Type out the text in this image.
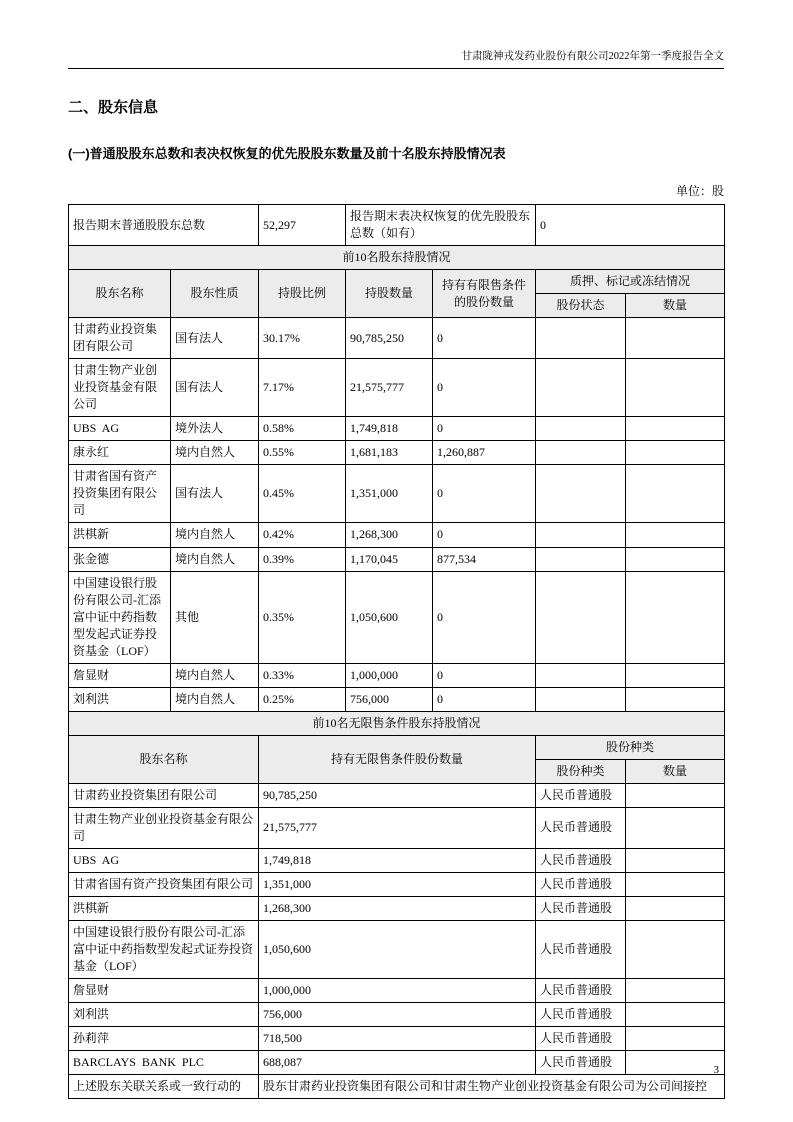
甘肃陇神戎发药业股份有限公司2022年第一季度报告全文
二、股东信息
(一)普通股股东总数和表决权恢复的优先股股东数量及前十名股东持股情况表
单位：股
报告期末普通股股东总数		52,297	报告期末表决权恢复的优先股股东总数（如有）		0	
前10名股东持股情况						
股东名称	股东性质	持股比例	持股数量	持有有限售条件的股份数量	质押、标记或冻结情况	
					股份状态	数量
甘肃药业投资集团有限公司	国有法人	30.17%	90,785,250	0		
甘肃生物产业创业投资基金有限公司	国有法人	7.17%	21,575,777	0		
UBS  AG	境外法人	0.58%	1,749,818	0		
康永红	境内自然人	0.55%	1,681,183	1,260,887		
甘肃省国有资产投资集团有限公司	国有法人	0.45%	1,351,000	0		
洪棋新	境内自然人	0.42%	1,268,300	0		
张金德	境内自然人	0.39%	1,170,045	877,534		
中国建设银行股份有限公司-汇添富中证中药指数型发起式证券投资基金（LOF）	其他	0.35%	1,050,600	0		
詹显财	境内自然人	0.33%	1,000,000	0		
刘利洪	境内自然人	0.25%	756,000	0		
前10名无限售条件股东持股情况						
股东名称		持有无限售条件股份数量			股份种类	
					股份种类	数量
甘肃药业投资集团有限公司		90,785,250			人民币普通股	
甘肃生物产业创业投资基金有限公司		21,575,777			人民币普通股	
UBS  AG		1,749,818			人民币普通股	
甘肃省国有资产投资集团有限公司		1,351,000			人民币普通股	
洪棋新		1,268,300			人民币普通股	
中国建设银行股份有限公司-汇添富中证中药指数型发起式证券投资基金（LOF）		1,050,600			人民币普通股	
詹显财		1,000,000			人民币普通股	
刘利洪		756,000			人民币普通股	
孙莉萍		718,500			人民币普通股	
BARCLAYS  BANK  PLC		688,087			人民币普通股	
上述股东关联关系或一致行动的		股东甘肃药业投资集团有限公司和甘肃生物产业创业投资基金有限公司为公司间接控				
3
